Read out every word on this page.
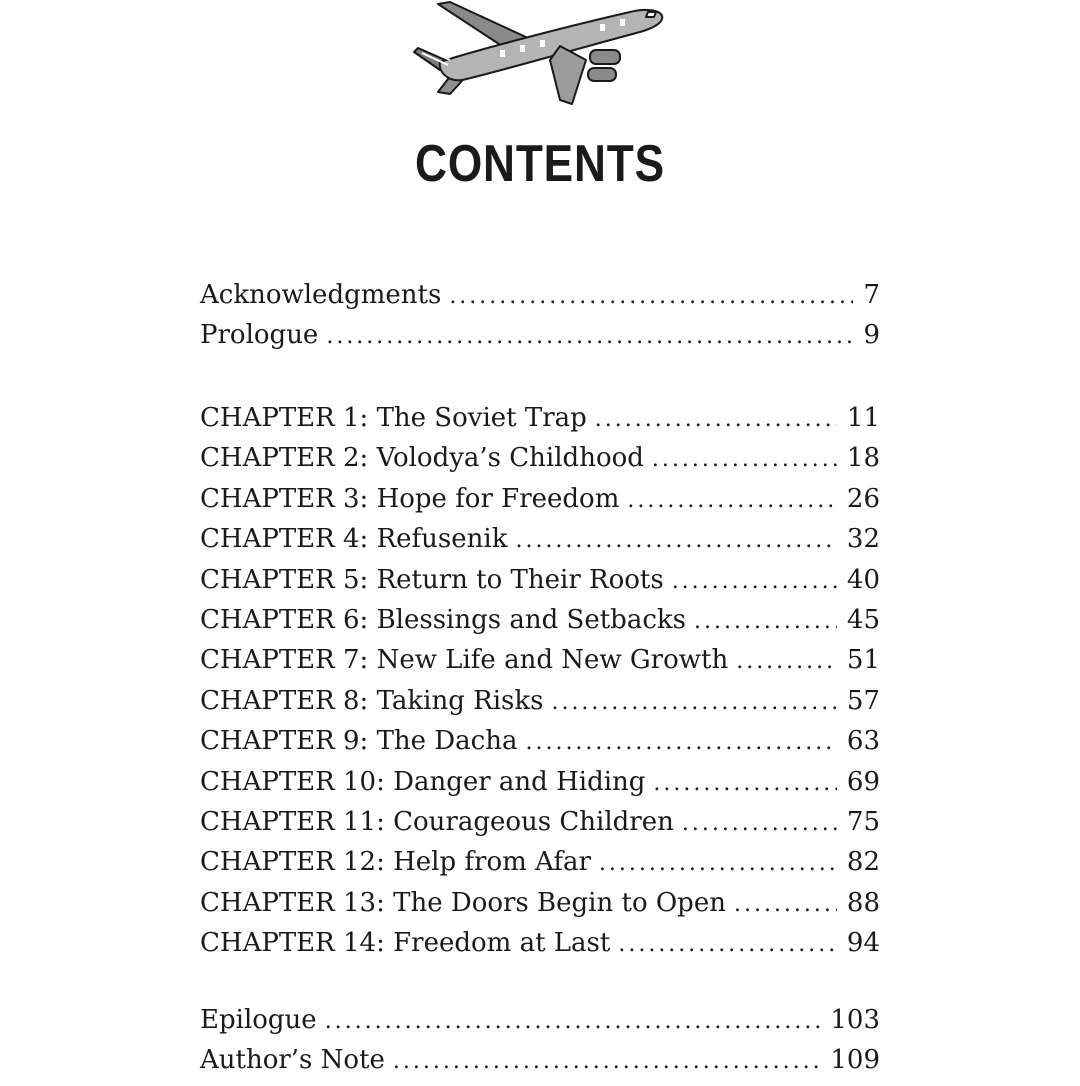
CONTENTS
Acknowledgments .....	7
Prologue .....	9
CHAPTER 1: The Soviet Trap .....	11
CHAPTER 2: Volodya’s Childhood .....	18
CHAPTER 3: Hope for Freedom .....	26
CHAPTER 4: Refusenik .....	32
CHAPTER 5: Return to Their Roots .....	40
CHAPTER 6: Blessings and Setbacks .....	45
CHAPTER 7: New Life and New Growth .....	51
CHAPTER 8: Taking Risks .....	57
CHAPTER 9: The Dacha .....	63
CHAPTER 10: Danger and Hiding .....	69
CHAPTER 11: Courageous Children .....	75
CHAPTER 12: Help from Afar .....	82
CHAPTER 13: The Doors Begin to Open .....	88
CHAPTER 14: Freedom at Last .....	94
Epilogue .....	103
Author’s Note .....	109
